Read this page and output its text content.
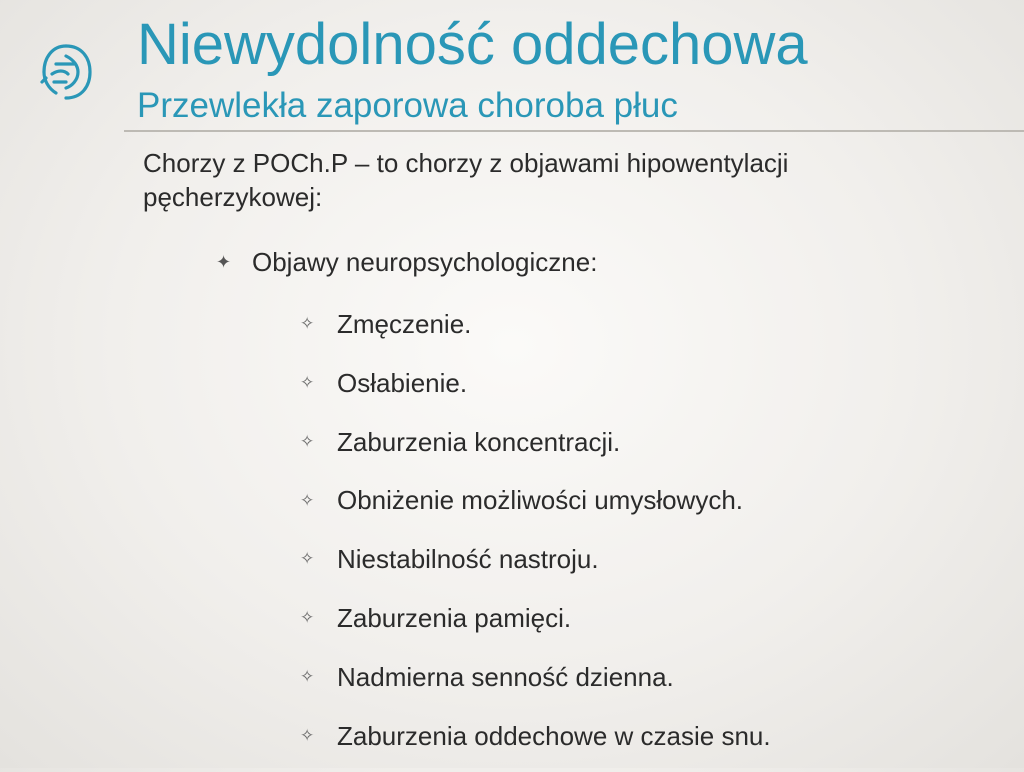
Niewydolność oddechowa
Przewlekła zaporowa choroba płuc
Chorzy z POCh.P – to chorzy z objawami hipowentylacji pęcherzykowej:
✦ Objawy neuropsychologiczne:
✧ Zmęczenie.
✧ Osłabienie.
✧ Zaburzenia koncentracji.
✧ Obniżenie możliwości umysłowych.
✧ Niestabilność nastroju.
✧ Zaburzenia pamięci.
✧ Nadmierna senność dzienna.
✧ Zaburzenia oddechowe w czasie snu.
